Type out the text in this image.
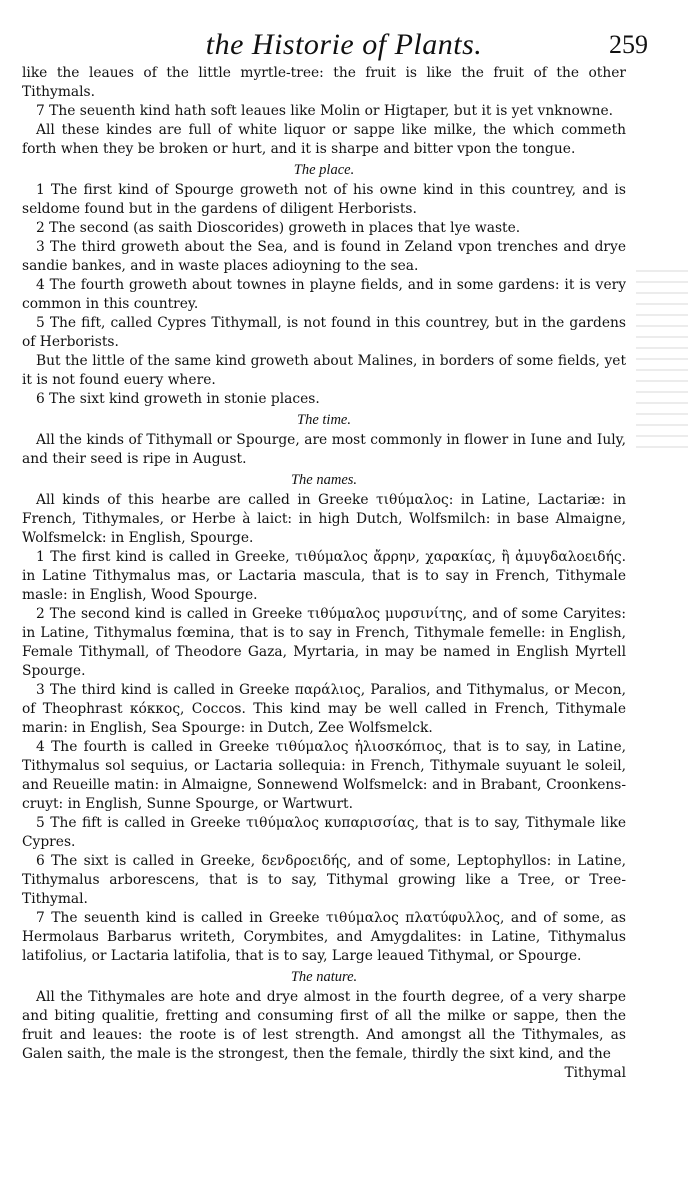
the Historie of Plants.	259

like the leaues of the little myrtle-tree: the fruit is like the fruit of the other Tithymals.

7 The seuenth kind hath soft leaues like Molin or Higtaper, but it is yet vnknowne.

All these kindes are full of white liquor or sappe like milke, the which commeth forth when they be broken or hurt, and it is sharpe and bitter vpon the tongue.

The place.

1 The first kind of Spourge groweth not of his owne kind in this countrey, and is seldome found but in the gardens of diligent Herborists.

2 The second (as saith Dioscorides) groweth in places that lye waste.

3 The third groweth about the Sea, and is found in Zeland vpon trenches and drye sandie bankes, and in waste places adioyning to the sea.

4 The fourth groweth about townes in playne fields, and in some gardens: it is very common in this countrey.

5 The fift, called Cypres Tithymall, is not found in this countrey, but in the gardens of Herborists.

But the little of the same kind groweth about Malines, in borders of some fields, yet it is not found euery where.

6 The sixt kind groweth in stonie places.

The time.

All the kinds of Tithymall or Spourge, are most commonly in flower in Iune and Iuly, and their seed is ripe in August.

The names.

All kinds of this hearbe are called in Greeke τιθύμαλος: in Latine, Lactariæ: in French, Tithymales, or Herbe à laict: in high Dutch, Wolfsmilch: in base Almaigne, Wolfsmelck: in English, Spourge.

1 The first kind is called in Greeke, τιθύμαλος ἄρρην, χαρακίας, ἢ ἀμυγδαλοειδής. in Latine Tithymalus mas, or Lactaria mascula, that is to say in French, Tithymale masle: in English, Wood Spourge.

2 The second kind is called in Greeke τιθύμαλος μυρσινίτης, and of some Caryites: in Latine, Tithymalus fœmina, that is to say in French, Tithymale femelle: in English, Female Tithymall, of Theodore Gaza, Myrtaria, in may be named in English Myrtell Spourge.

3 The third kind is called in Greeke παράλιος, Paralios, and Tithymalus, or Mecon, of Theophrast κόκκος, Coccos. This kind may be well called in French, Tithymale marin: in English, Sea Spourge: in Dutch, Zee Wolfsmelck.

4 The fourth is called in Greeke τιθύμαλος ἡλιοσκόπιος, that is to say, in Latine, Tithymalus sol sequius, or Lactaria sollequia: in French, Tithymale suyuant le soleil, and Reueille matin: in Almaigne, Sonnewend Wolfsmelck: and in Brabant, Croonkens-cruyt: in English, Sunne Spourge, or Wartwurt.

5 The fift is called in Greeke τιθύμαλος κυπαρισσίας, that is to say, Tithymale like Cypres.

6 The sixt is called in Greeke, δενδροειδής, and of some, Leptophyllos: in Latine, Tithymalus arborescens, that is to say, Tithymal growing like a Tree, or Tree-Tithymal.

7 The seuenth kind is called in Greeke τιθύμαλος πλατύφυλλος, and of some, as Hermolaus Barbarus writeth, Corymbites, and Amygdalites: in Latine, Tithymalus latifolius, or Lactaria latifolia, that is to say, Large leaued Tithymal, or Spourge.

The nature.

All the Tithymales are hote and drye almost in the fourth degree, of a very sharpe and biting qualitie, fretting and consuming first of all the milke or sappe, then the fruit and leaues: the roote is of lest strength. And amongst all the Tithymales, as Galen saith, the male is the strongest, then the female, thirdly the sixt kind, and the

Tithymal
